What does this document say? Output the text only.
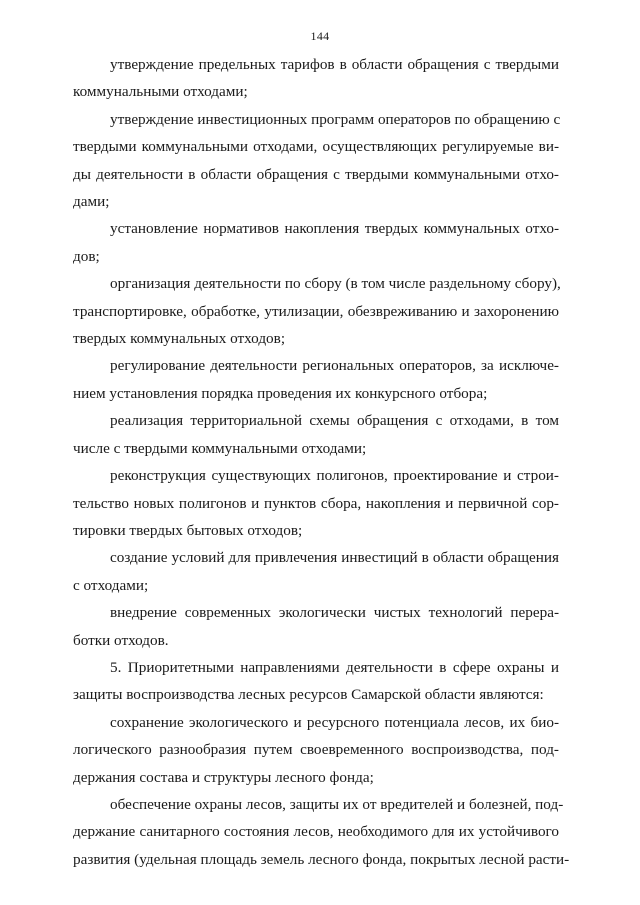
144

утверждение предельных тарифов в области обращения с твердыми
коммунальными отходами;

утверждение инвестиционных программ операторов по обращению с
твердыми коммунальными отходами, осуществляющих регулируемые ви-
ды деятельности в области обращения с твердыми коммунальными отхо-
дами;

установление нормативов накопления твердых коммунальных отхо-
дов;

организация деятельности по сбору (в том числе раздельному сбору),
транспортировке, обработке, утилизации, обезвреживанию и захоронению
твердых коммунальных отходов;

регулирование деятельности региональных операторов, за исключе-
нием установления порядка проведения их конкурсного отбора;

реализация территориальной схемы обращения с отходами, в том
числе с твердыми коммунальными отходами;

реконструкция существующих полигонов, проектирование и строи-
тельство новых полигонов и пунктов сбора, накопления и первичной сор-
тировки твердых бытовых отходов;

создание условий для привлечения инвестиций в области обращения
с отходами;

внедрение современных экологически чистых технологий перера-
ботки отходов.

5. Приоритетными направлениями деятельности в сфере охраны и
защиты воспроизводства лесных ресурсов Самарской области являются:

сохранение экологического и ресурсного потенциала лесов, их био-
логического разнообразия путем своевременного воспроизводства, под-
держания состава и структуры лесного фонда;

обеспечение охраны лесов, защиты их от вредителей и болезней, под-
держание санитарного состояния лесов, необходимого для их устойчивого
развития (удельная площадь земель лесного фонда, покрытых лесной расти-
